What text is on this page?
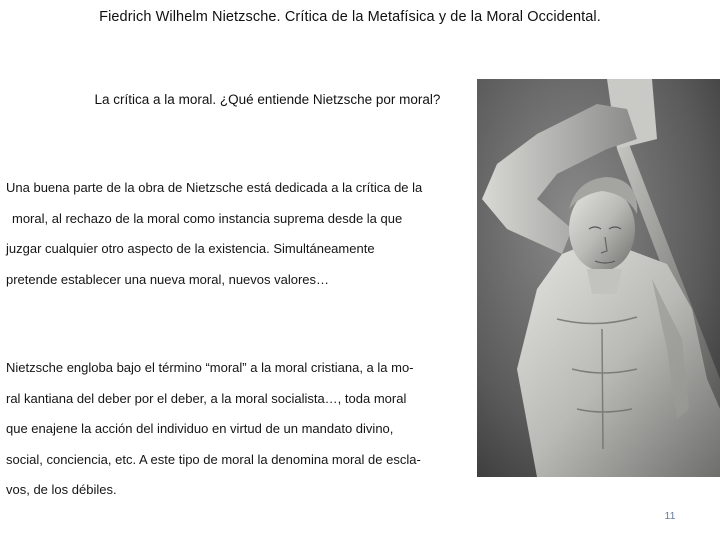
Fiedrich Wilhelm Nietzsche. Crítica de la Metafísica y de la Moral Occidental.
La crítica a la moral. ¿Qué entiende Nietzsche por moral?
Una buena parte de la obra de Nietzsche está dedicada a la crítica de la
moral, al rechazo de la moral como instancia suprema desde la que
juzgar cualquier otro aspecto de la existencia. Simultáneamente
pretende establecer una nueva moral, nuevos valores…
Nietzsche engloba bajo el término “moral” a la moral cristiana, a la mo-
ral kantiana del deber por el deber, a la moral socialista…, toda moral
que enajene la acción del individuo en virtud de un mandato divino,
social, conciencia, etc. A este tipo de moral la denomina moral de escla-
vos, de los débiles.
11
